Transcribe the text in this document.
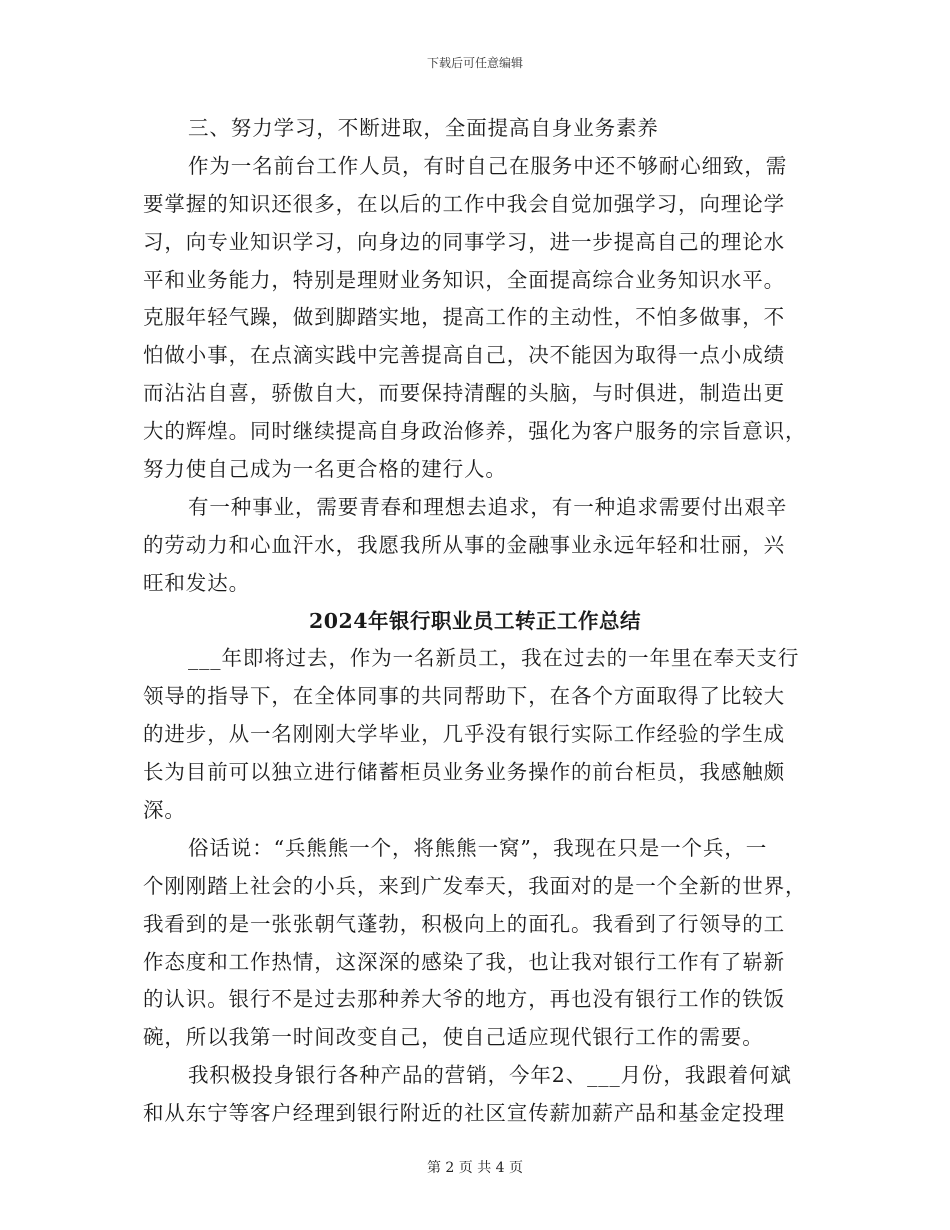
下载后可任意编辑
三、努力学习，不断进取，全面提高自身业务素养
作为一名前台工作人员，有时自己在服务中还不够耐心细致，需
要掌握的知识还很多，在以后的工作中我会自觉加强学习，向理论学
习，向专业知识学习，向身边的同事学习，进一步提高自己的理论水
平和业务能力，特别是理财业务知识，全面提高综合业务知识水平。
克服年轻气躁，做到脚踏实地，提高工作的主动性，不怕多做事，不
怕做小事，在点滴实践中完善提高自己，决不能因为取得一点小成绩
而沾沾自喜，骄傲自大，而要保持清醒的头脑，与时俱进，制造出更
大的辉煌。同时继续提高自身政治修养，强化为客户服务的宗旨意识，
努力使自己成为一名更合格的建行人。
有一种事业，需要青春和理想去追求，有一种追求需要付出艰辛
的劳动力和心血汗水，我愿我所从事的金融事业永远年轻和壮丽，兴
旺和发达。
2024年银行职业员工转正工作总结
___年即将过去，作为一名新员工，我在过去的一年里在奉天支行
领导的指导下，在全体同事的共同帮助下，在各个方面取得了比较大
的进步，从一名刚刚大学毕业，几乎没有银行实际工作经验的学生成
长为目前可以独立进行储蓄柜员业务业务操作的前台柜员，我感触颇
深。
俗话说：“兵熊熊一个，将熊熊一窝”，我现在只是一个兵，一
个刚刚踏上社会的小兵，来到广发奉天，我面对的是一个全新的世界，
我看到的是一张张朝气蓬勃，积极向上的面孔。我看到了行领导的工
作态度和工作热情，这深深的感染了我，也让我对银行工作有了崭新
的认识。银行不是过去那种养大爷的地方，再也没有银行工作的铁饭
碗，所以我第一时间改变自己，使自己适应现代银行工作的需要。
我积极投身银行各种产品的营销，今年2、___月份，我跟着何斌
和从东宁等客户经理到银行附近的社区宣传薪加薪产品和基金定投理
第 2 页 共 4 页
